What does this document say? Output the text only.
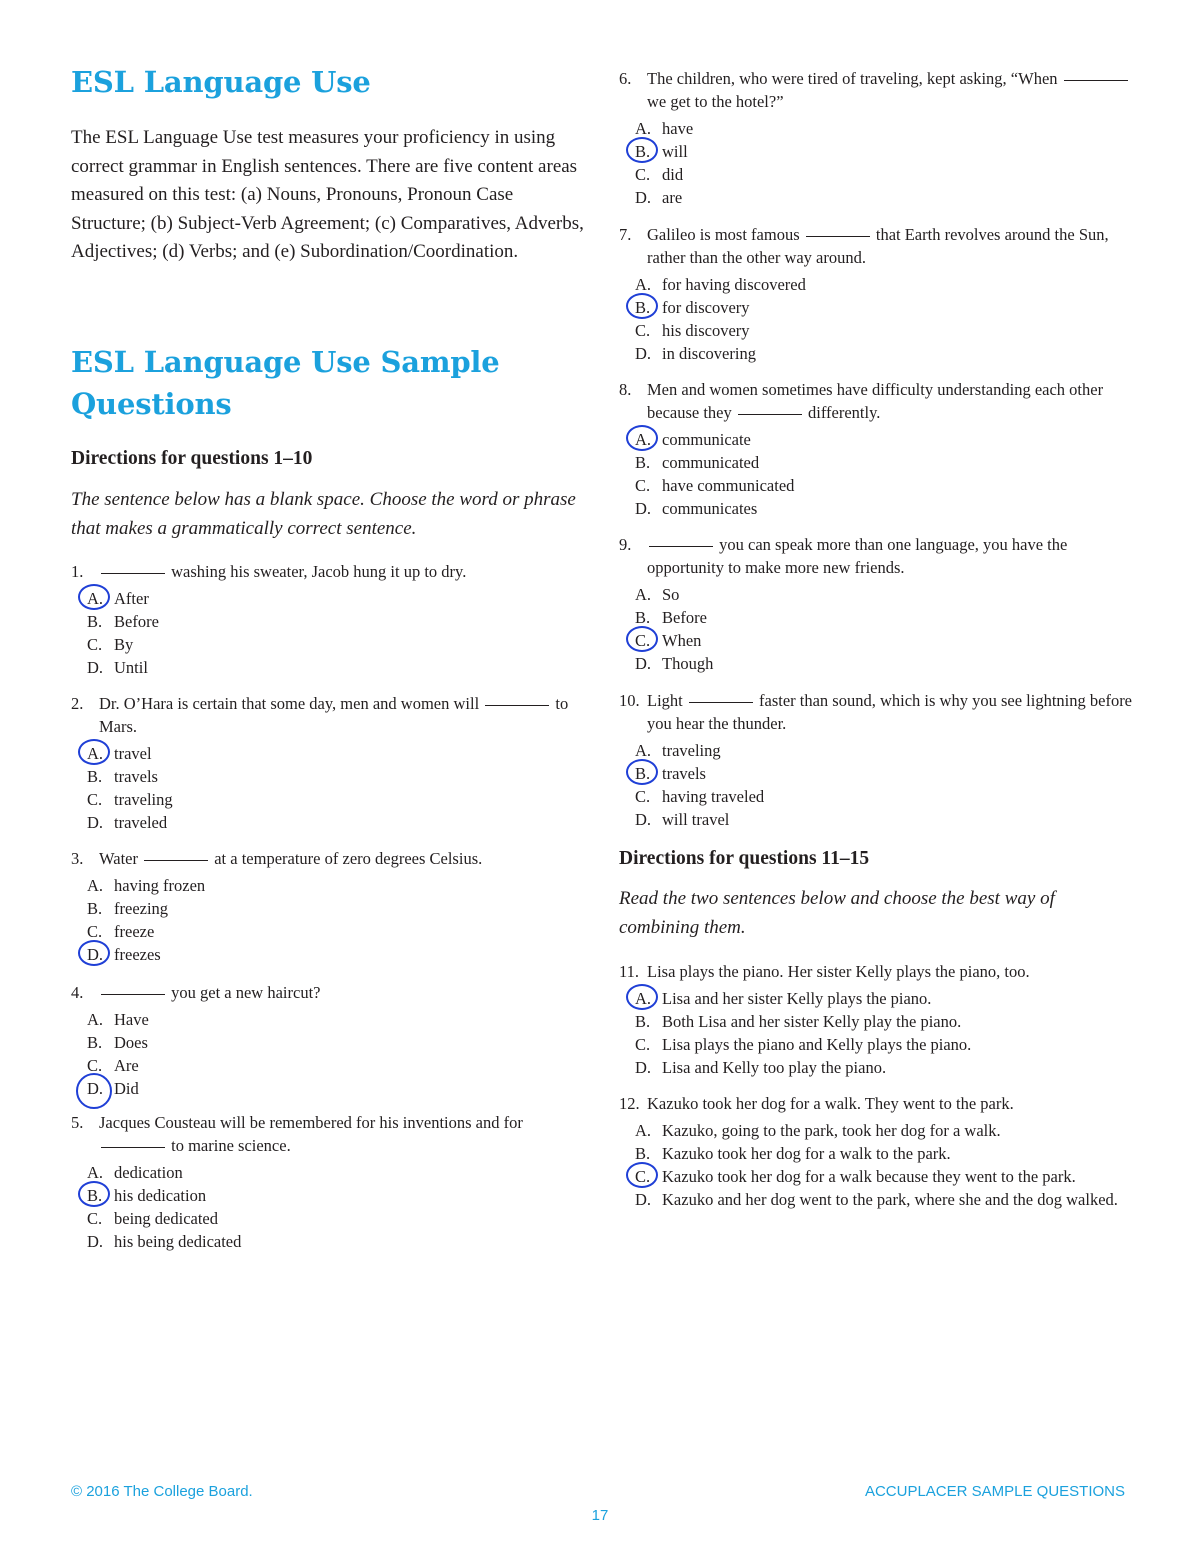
ESL Language Use

The ESL Language Use test measures your proficiency in using correct grammar in English sentences. There are five content areas measured on this test: (a) Nouns, Pronouns, Pronoun Case Structure; (b) Subject-Verb Agreement; (c) Comparatives, Adverbs, Adjectives; (d) Verbs; and (e) Subordination/Coordination.

ESL Language Use Sample Questions
Directions for questions 1–10

The sentence below has a blank space. Choose the word or phrase that makes a grammatically correct sentence.

Directions for questions 11–15

Read the two sentences below and choose the best way of combining them.

1.	washing his sweater, Jacob hung it up to dry.
A. After
B. Before
C. By
D. Until
2. Dr. O’Hara is certain that some day, men and women will	to Mars.
A. travel
B. travels
C. traveling
D. traveled
3. Water	at a temperature of zero degrees Celsius.
A. having frozen
B. freezing
C. freeze
D. freezes
4.	you get a new haircut?
A. Have
B. Does
C. Are
D. Did
5. Jacques Cousteau will be remembered for his inventions and for  to marine science.
A. dedication
B. his dedication
C. being dedicated
D. his being dedicated
6. The children, who were tired of traveling, kept asking, “When  we get to the hotel?”
A. have
B. will
C. did
D. are
7. Galileo is most famous	that Earth revolves around the Sun, rather than the other way around.
A. for having discovered
B. for discovery
C. his discovery
D. in discovering
8. Men and women sometimes have difficulty understanding each other because they	differently.
A. communicate
B. communicated
C. have communicated
D. communicates
9.	you can speak more than one language, you have the opportunity to make more new friends.
A. So
B. Before
C. When
D. Though
10. Light	faster than sound, which is why you see lightning before you hear the thunder.
A. traveling
B. travels
C. having traveled
D. will travel
11. Lisa plays the piano. Her sister Kelly plays the piano, too.
A. Lisa and her sister Kelly plays the piano.
B. Both Lisa and her sister Kelly play the piano.
C. Lisa plays the piano and Kelly plays the piano.
D. Lisa and Kelly too play the piano.
12. Kazuko took her dog for a walk. They went to the park.
A. Kazuko, going to the park, took her dog for a walk.
B. Kazuko took her dog for a walk to the park.
C. Kazuko took her dog for a walk because they went to the park.
D. Kazuko and her dog went to the park, where she and the dog walked.
© 2016 The College Board.	ACCUPLACER SAMPLE QUESTIONS
17
